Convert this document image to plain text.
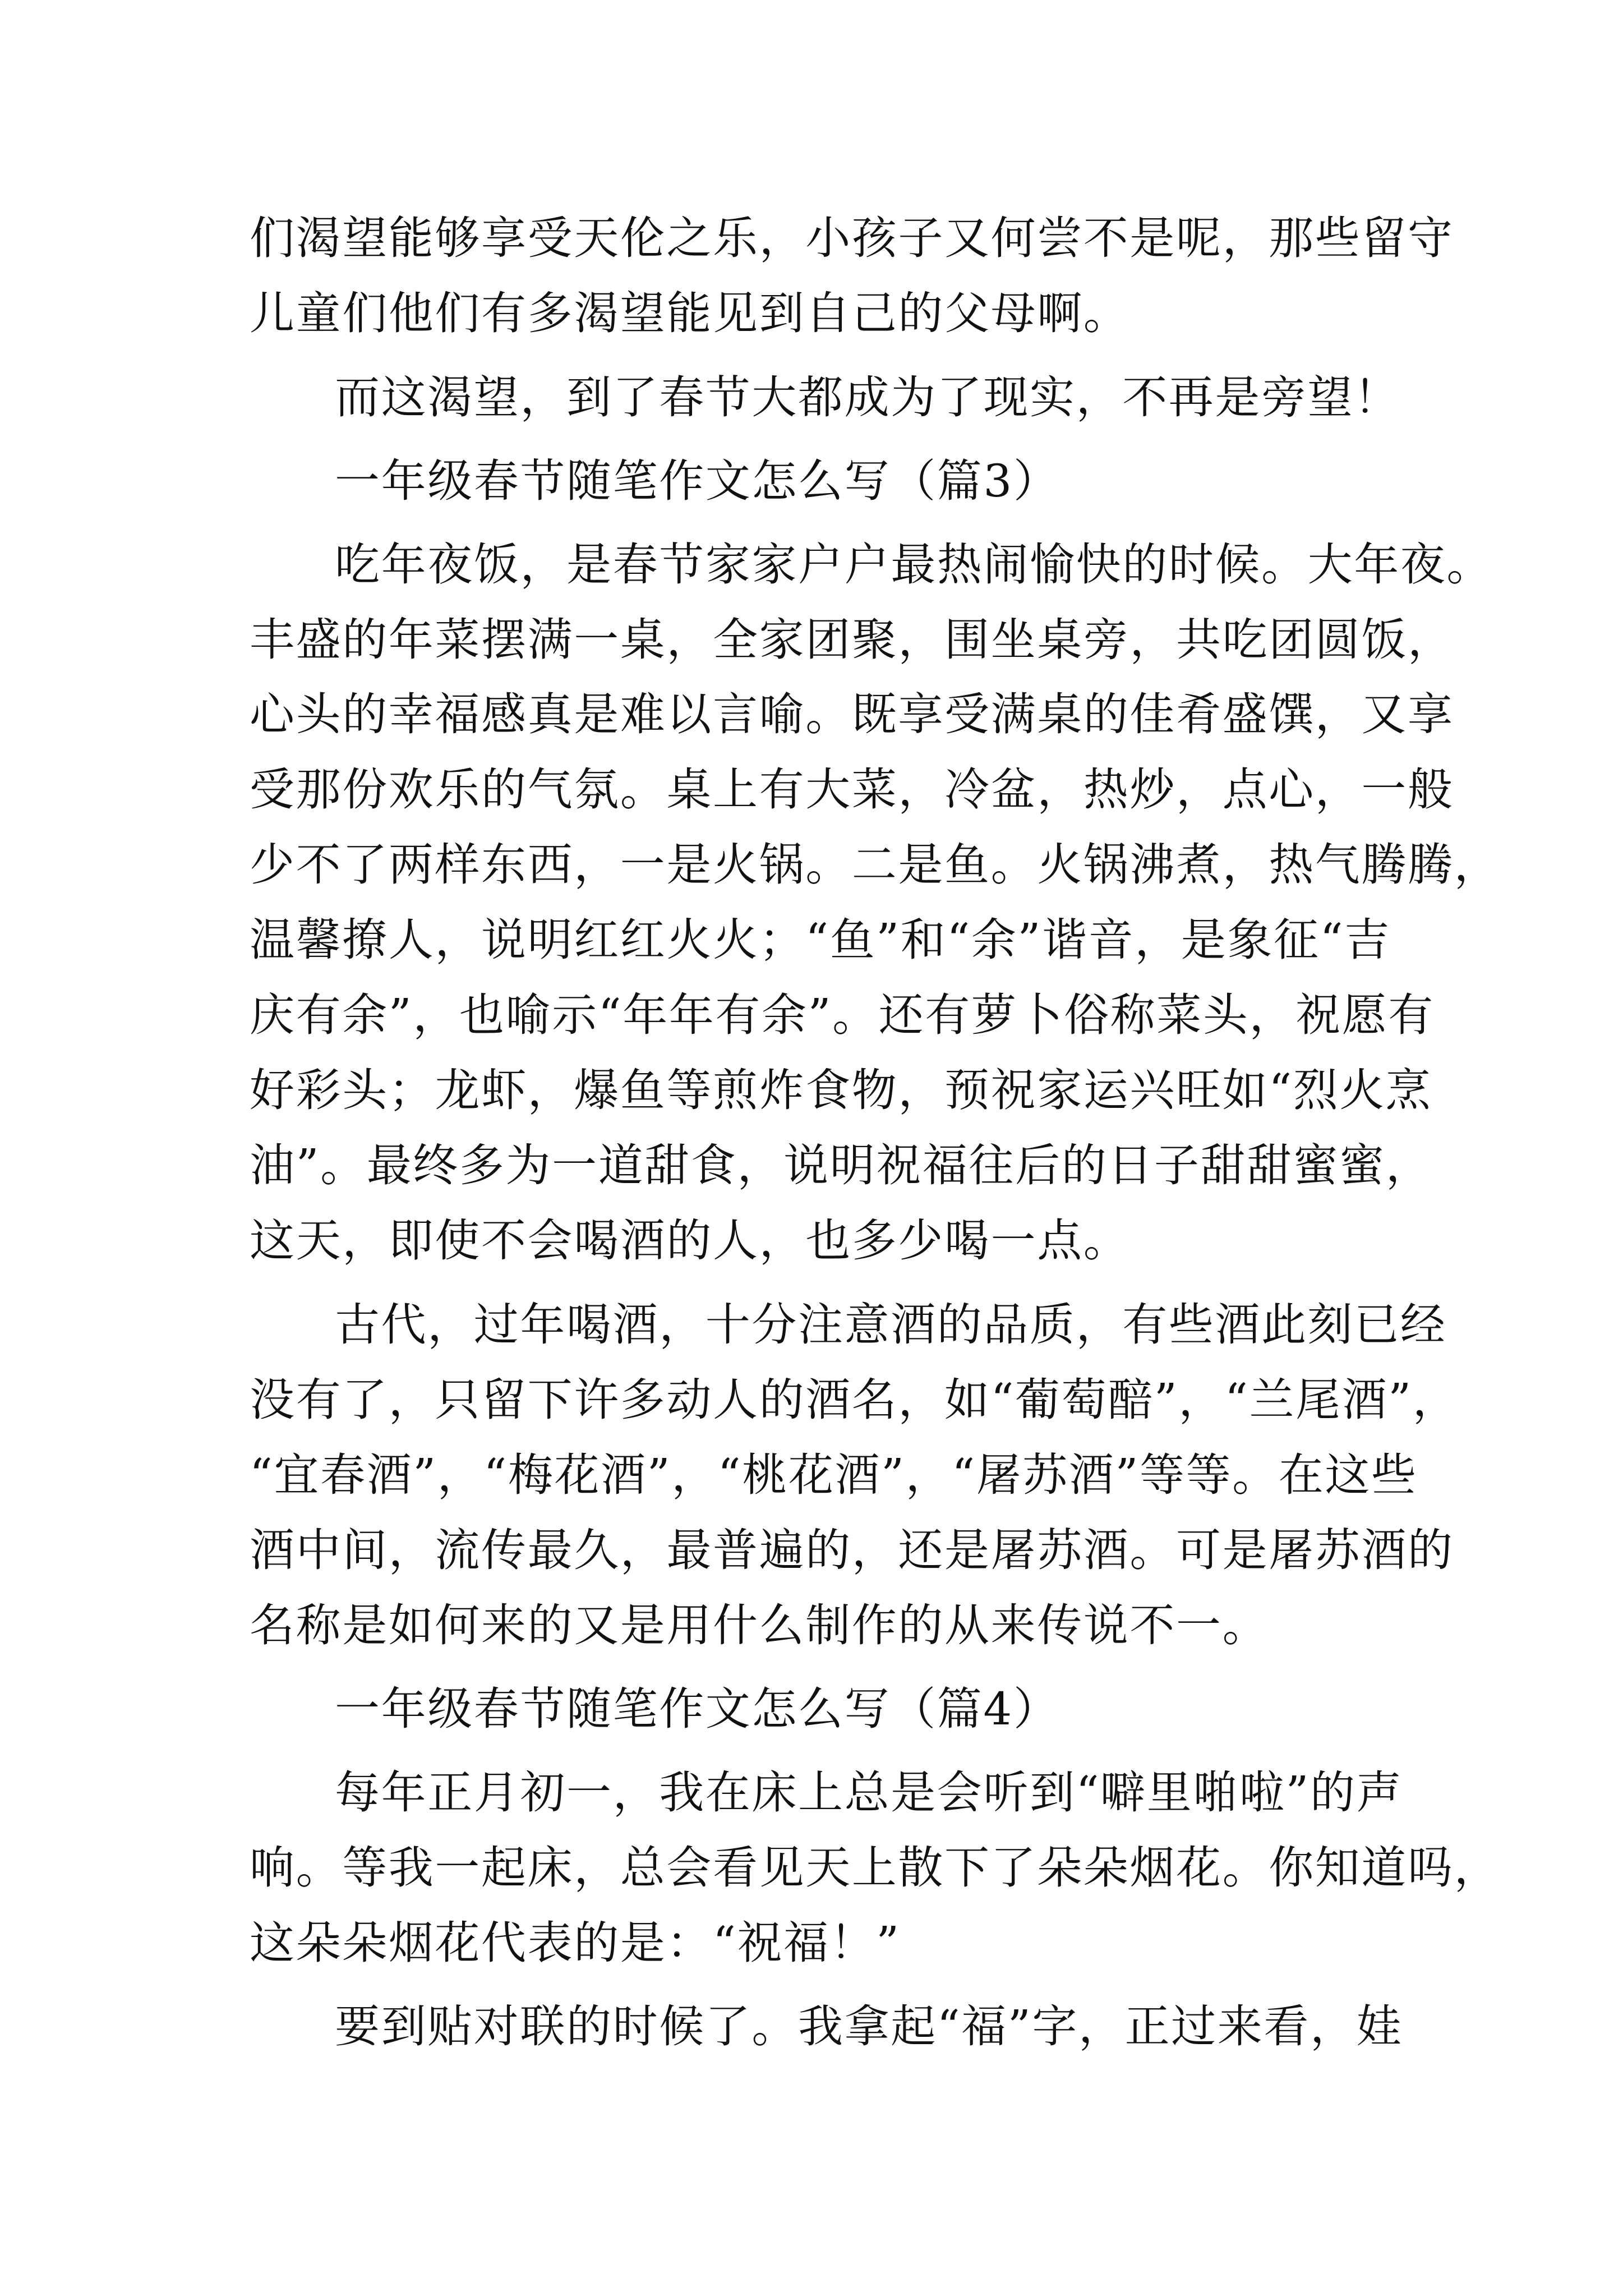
们渴望能够享受天伦之乐，小孩子又何尝不是呢，那些留守
儿童们他们有多渴望能见到自己的父母啊。
而这渴望，到了春节大都成为了现实，不再是旁望！
一年级春节随笔作文怎么写（篇3）
吃年夜饭，是春节家家户户最热闹愉快的时候。大年夜。
丰盛的年菜摆满一桌，全家团聚，围坐桌旁，共吃团圆饭，
心头的幸福感真是难以言喻。既享受满桌的佳肴盛馔，又享
受那份欢乐的气氛。桌上有大菜，冷盆，热炒，点心，一般
少不了两样东西，一是火锅。二是鱼。火锅沸煮，热气腾腾，
温馨撩人，说明红红火火；“鱼”和“余”谐音，是象征“吉
庆有余”，也喻示“年年有余”。还有萝卜俗称菜头，祝愿有
好彩头；龙虾，爆鱼等煎炸食物，预祝家运兴旺如“烈火烹
油”。最终多为一道甜食，说明祝福往后的日子甜甜蜜蜜，
这天，即使不会喝酒的人，也多少喝一点。
古代，过年喝酒，十分注意酒的品质，有些酒此刻已经
没有了，只留下许多动人的酒名，如“葡萄醅”，“兰尾酒”，
“宜春酒”，“梅花酒”，“桃花酒”，“屠苏酒”等等。在这些
酒中间，流传最久，最普遍的，还是屠苏酒。可是屠苏酒的
名称是如何来的又是用什么制作的从来传说不一。
一年级春节随笔作文怎么写（篇4）
每年正月初一，我在床上总是会听到“噼里啪啦”的声
响。等我一起床，总会看见天上散下了朵朵烟花。你知道吗，
这朵朵烟花代表的是：“祝福！”
要到贴对联的时候了。我拿起“福”字，正过来看，娃
